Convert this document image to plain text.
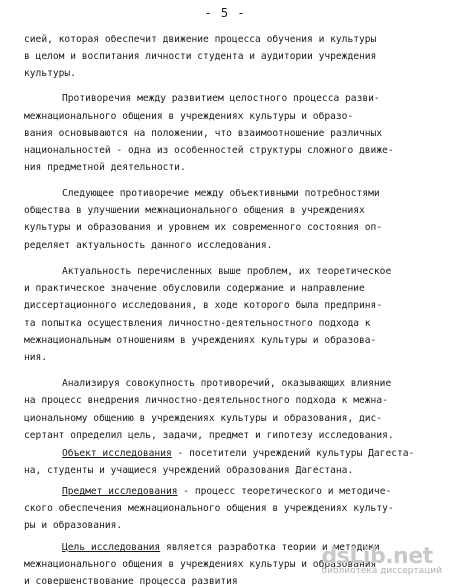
- 5 -
сией, которая обеспечит движение процесса обучения и культуры
в целом и воспитания личности студента и аудитории учреждения
культуры.
Противоречия между развитием целостного процесса разви-
межнационального общения в учреждениях культуры и образо-
вания основываются на положении, что взаимоотношение различных
национальностей - одна из особенностей структуры сложного движе-
ния предметной деятельности.
Следующее противоречие между объективными потребностями
общества в улучшении межнационального общения в учреждениях
культуры и образования и уровнем их современного состояния оп-
ределяет актуальность данного исследования.
Актуальность перечисленных выше проблем, их теоретическое
и практическое значение обусловили содержание и направление
диссертационного исследования, в ходе которого была предприня-
та попытка осуществления личностно-деятельностного подхода к
межнациональным отношениям в учреждениях культуры и образова-
ния.
Анализируя совокупность противоречий, оказывающих влияние
на процесс внедрения личностно-деятельностного подхода к межна-
циональному общению в учреждениях культуры и образования, дис-
сертант определил цель, задачи, предмет и гипотезу исследования.
Объект исследования - посетители учреждений культуры Дагеста-
на, студенты и учащиеся учреждений образования Дагестана.
Предмет исследования - процесс теоретического и методиче-
ского обеспечения межнационального общения в учреждениях культу-
ры и образования.
Цель исследования является разработка теории и методики
межнационального общения в учреждениях культуры и образования
и совершенствование процесса развития
dsLib.net
библиотека диссертаций
